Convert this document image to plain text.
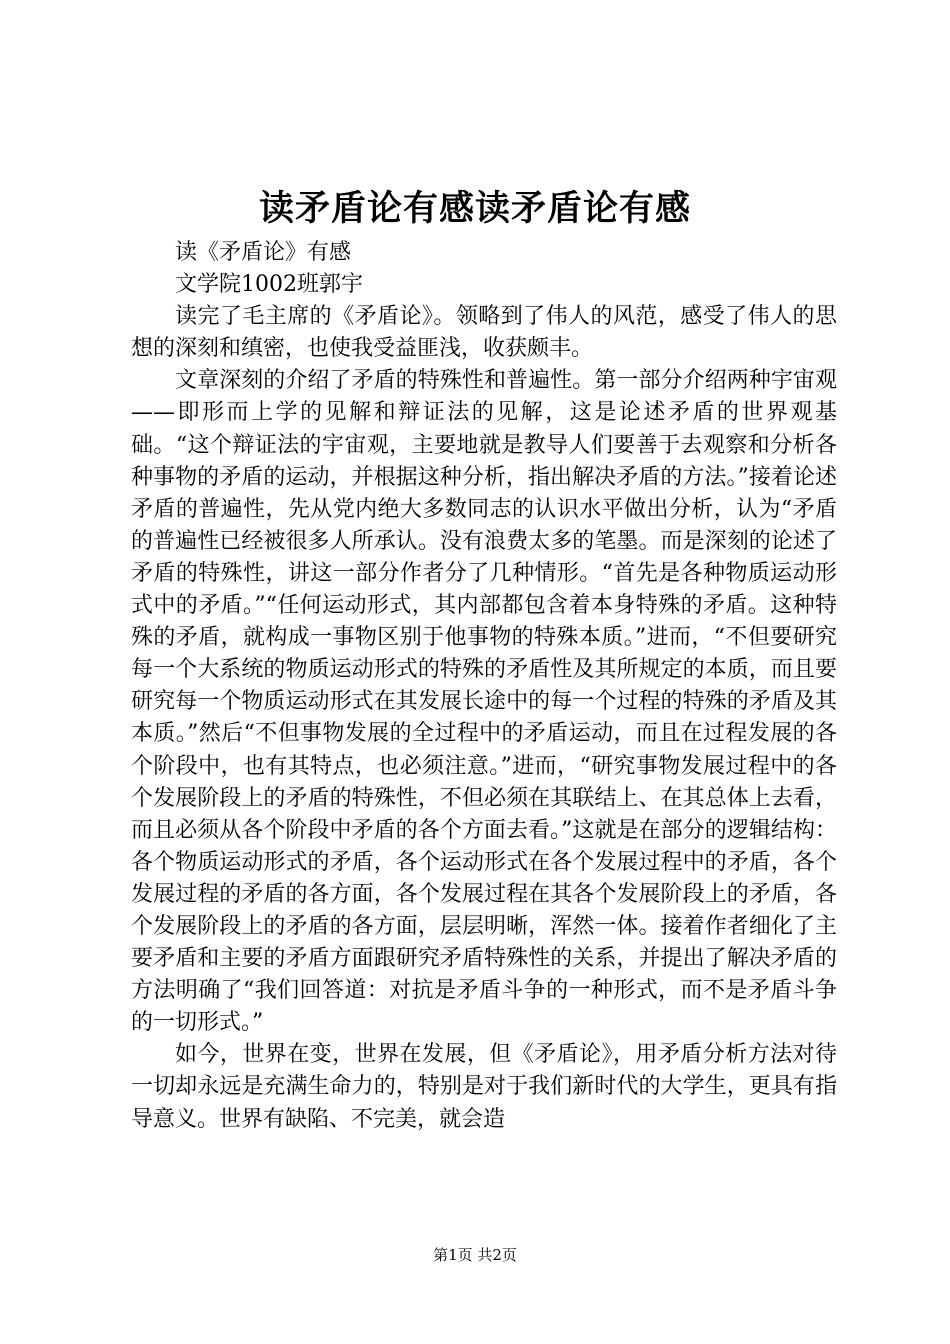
读矛盾论有感读矛盾论有感

读《矛盾论》有感

文学院1002班郭宇

读完了毛主席的《矛盾论》。领略到了伟人的风范，感受了伟人的思想的深刻和缜密，也使我受益匪浅，收获颇丰。

文章深刻的介绍了矛盾的特殊性和普遍性。第一部分介绍两种宇宙观——即形而上学的见解和辩证法的见解，这是论述矛盾的世界观基础。“这个辩证法的宇宙观，主要地就是教导人们要善于去观察和分析各种事物的矛盾的运动，并根据这种分析，指出解决矛盾的方法。”接着论述矛盾的普遍性，先从党内绝大多数同志的认识水平做出分析，认为“矛盾的普遍性已经被很多人所承认。没有浪费太多的笔墨。而是深刻的论述了矛盾的特殊性，讲这一部分作者分了几种情形。“首先是各种物质运动形式中的矛盾。”“任何运动形式，其内部都包含着本身特殊的矛盾。这种特殊的矛盾，就构成一事物区别于他事物的特殊本质。”进而，“不但要研究每一个大系统的物质运动形式的特殊的矛盾性及其所规定的本质，而且要研究每一个物质运动形式在其发展长途中的每一个过程的特殊的矛盾及其本质。”然后“不但事物发展的全过程中的矛盾运动，而且在过程发展的各个阶段中，也有其特点，也必须注意。”进而，“研究事物发展过程中的各个发展阶段上的矛盾的特殊性，不但必须在其联结上、在其总体上去看，而且必须从各个阶段中矛盾的各个方面去看。”这就是在部分的逻辑结构：各个物质运动形式的矛盾，各个运动形式在各个发展过程中的矛盾，各个发展过程的矛盾的各方面，各个发展过程在其各个发展阶段上的矛盾，各个发展阶段上的矛盾的各方面，层层明晰，浑然一体。接着作者细化了主要矛盾和主要的矛盾方面跟研究矛盾特殊性的关系，并提出了解决矛盾的方法明确了“我们回答道：对抗是矛盾斗争的一种形式，而不是矛盾斗争的一切形式。”

如今，世界在变，世界在发展，但《矛盾论》，用矛盾分析方法对待一切却永远是充满生命力的，特别是对于我们新时代的大学生，更具有指导意义。世界有缺陷、不完美，就会造

第1页 共2页
